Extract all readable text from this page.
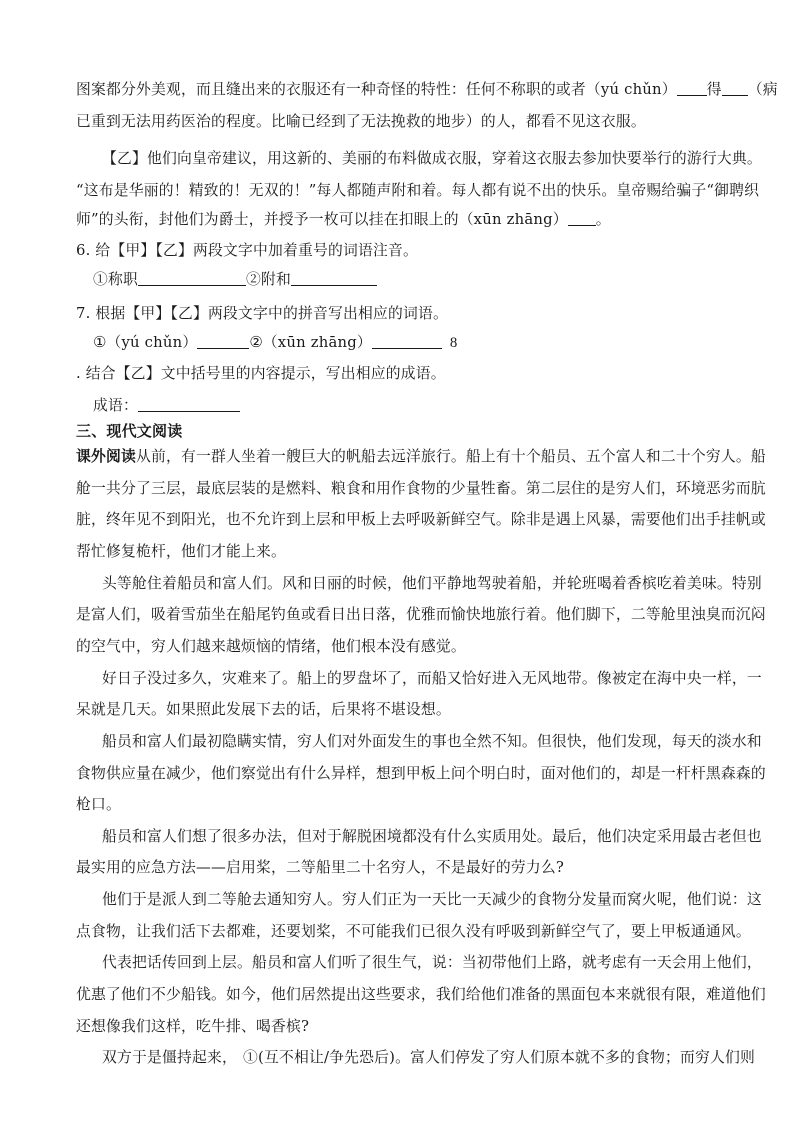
图案都分外美观，而且缝出来的衣服还有一种奇怪的特性：任何不称职的或者（yú chǔn） 得 （病
已重到无法用药医治的程度。比喻已经到了无法挽救的地步）的人，都看不见这衣服。
【乙】他们向皇帝建议，用这新的、美丽的布料做成衣服，穿着这衣服去参加快要举行的游行大典。
“这布是华丽的！精致的！无双的！”每人都随声附和着。每人都有说不出的快乐。皇帝赐给骗子“御聘织
师”的头衔，封他们为爵士，并授予一枚可以挂在扣眼上的（xūn zhāng） 。
6. 给【甲】【乙】两段文字中加着重号的词语注音。
①称职	②附和
7. 根据【甲】【乙】两段文字中的拼音写出相应的词语。
①（yú chǔn）	②（xūn zhāng）	8
. 结合【乙】文中括号里的内容提示，写出相应的成语。
成语：
三、现代文阅读
课外阅读从前，有一群人坐着一艘巨大的帆船去远洋旅行。船上有十个船员、五个富人和二十个穷人。船
舱一共分了三层，最底层装的是燃料、粮食和用作食物的少量牲畜。第二层住的是穷人们，环境恶劣而肮
脏，终年见不到阳光，也不允许到上层和甲板上去呼吸新鲜空气。除非是遇上风暴，需要他们出手挂帆或
帮忙修复桅杆，他们才能上来。
头等舱住着船员和富人们。风和日丽的时候，他们平静地驾驶着船，并轮班喝着香槟吃着美味。特别
是富人们，吸着雪茄坐在船尾钓鱼或看日出日落，优雅而愉快地旅行着。他们脚下，二等舱里浊臭而沉闷
的空气中，穷人们越来越烦恼的情绪，他们根本没有感觉。
好日子没过多久，灾难来了。船上的罗盘坏了，而船又恰好进入无风地带。像被定在海中央一样，一
呆就是几天。如果照此发展下去的话，后果将不堪设想。
船员和富人们最初隐瞒实情，穷人们对外面发生的事也全然不知。但很快，他们发现，每天的淡水和
食物供应量在减少，他们察觉出有什么异样，想到甲板上问个明白时，面对他们的，却是一杆杆黑森森的
枪口。
船员和富人们想了很多办法，但对于解脱困境都没有什么实质用处。最后，他们决定采用最古老但也
最实用的应急方法——启用桨，二等船里二十名穷人，不是最好的劳力么?
他们于是派人到二等舱去通知穷人。穷人们正为一天比一天减少的食物分发量而窝火呢，他们说：这
点食物，让我们活下去都难，还要划桨，不可能我们已很久没有呼吸到新鲜空气了，要上甲板通通风。
代表把话传回到上层。船员和富人们听了很生气，说：当初带他们上路，就考虑有一天会用上他们，
优惠了他们不少船钱。如今，他们居然提出这些要求，我们给他们准备的黑面包本来就很有限，难道他们
还想像我们这样，吃牛排、喝香槟?
双方于是僵持起来， ①(互不相让/争先恐后)。富人们停发了穷人们原本就不多的食物；而穷人们则
